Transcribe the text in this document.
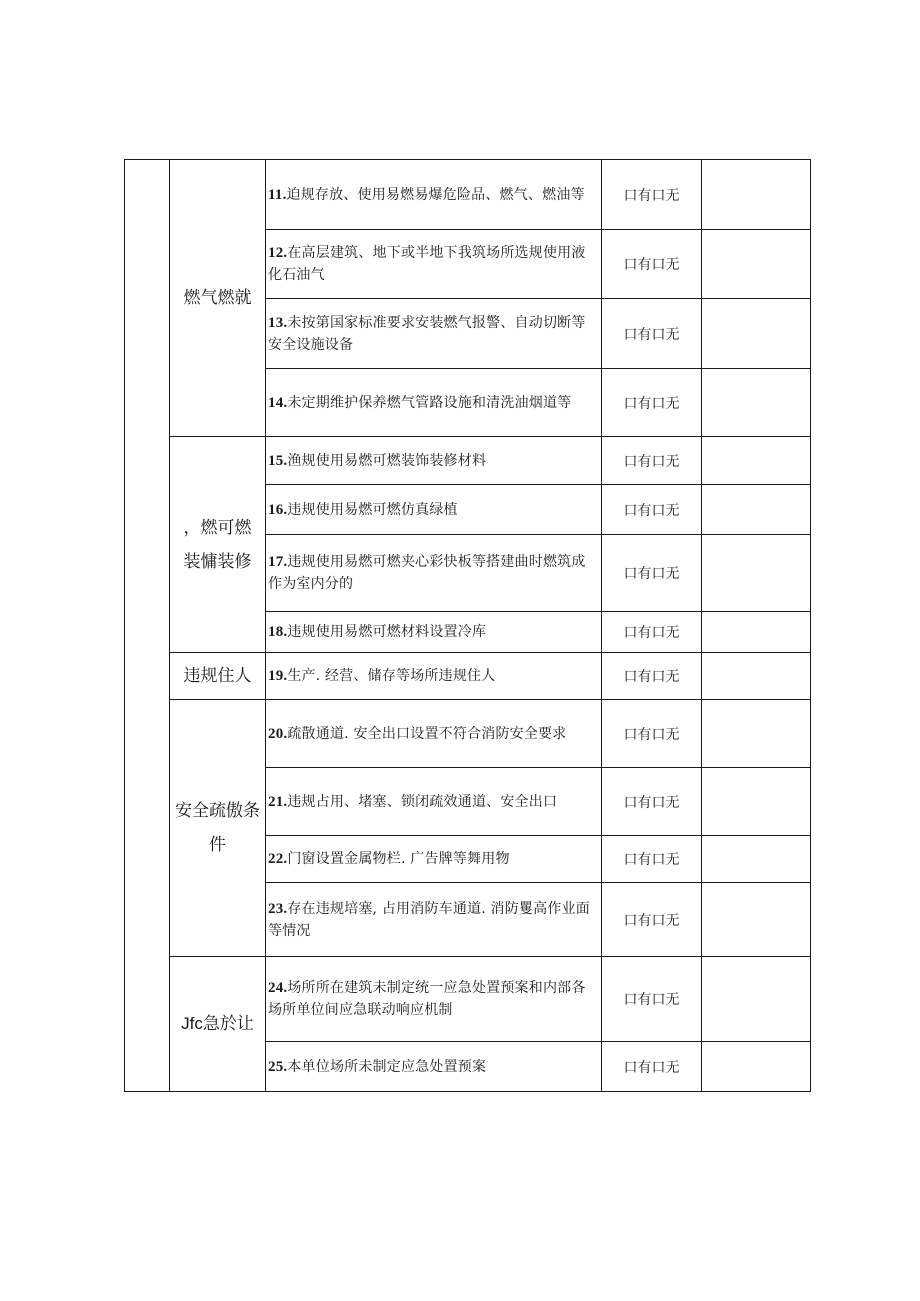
	燃气燃就	11.迫规存放、使用易燃易爆危险品、燃气、燃油等	口有口无	
		12.在高层建筑、地下或半地下我筑场所选规使用液化石油气	口有口无	
		13.未按第国家标准要求安装燃气报警、自动切断等安全设施设备	口有口无	
		14.未定期维护保养燃气管路设施和清洗油烟道等	口有口无	
	，燃可燃装慵装修	15.渔规使用易燃可燃装饰装修材料	口有口无	
		16.违规使用易燃可燃仿真绿植	口有口无	
		17.违规使用易燃可燃夹心彩快板等搭建曲时燃筑成作为室内分的	口有口无	
		18.违规使用易燃可燃材料设置冷库	口有口无	
	违规住人	19.生产. 经营、储存等场所违规住人	口有口无	
	安全疏傲条件	20.疏散通道. 安全出口设置不符合消防安全要求	口有口无	
		21.违规占用、堵塞、锁闭疏效通道、安全出口	口有口无	
		22.门窗设置金属物栏. 广告牌等舞用物	口有口无	
		23.存在违规培塞, 占用消防车通道. 消防矍高作业面等情况	口有口无	
	Jfc急於让	24.场所所在建筑未制定统一应急处置预案和内部各场所单位间应急联动响应机制	口有口无	
		25.本单位场所未制定应急处置预案	口有口无	
